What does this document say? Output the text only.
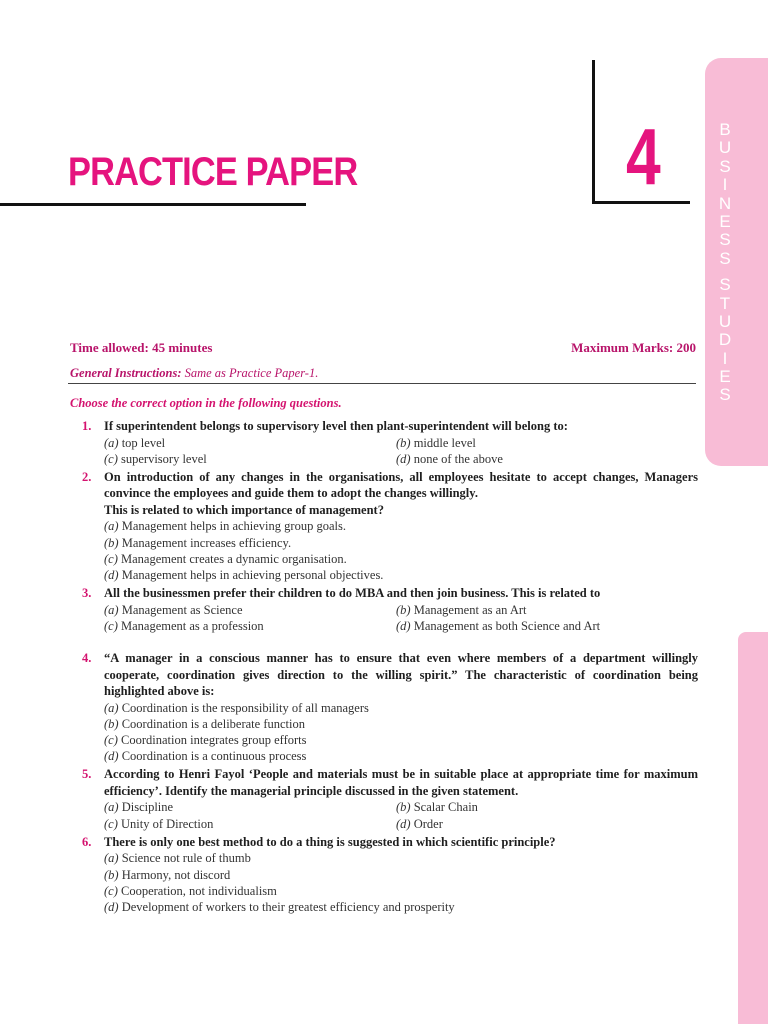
PRACTICE PAPER	4	B
U
S
I
N
E
S
S
S
T
U
D
I
E
S
Time allowed: 45 minutes	Maximum Marks: 200
General Instructions: Same as Practice Paper-1.
Choose the correct option in the following questions.
1. If superintendent belongs to supervisory level then plant-superintendent will belong to:
(a) top level	(b) middle level
(c) supervisory level	(d) none of the above
2. On introduction of any changes in the organisations, all employees hesitate to accept changes, Managers convince the employees and guide them to adopt the changes willingly.
This is related to which importance of management?
(a) Management helps in achieving group goals.
(b) Management increases efficiency.
(c) Management creates a dynamic organisation.
(d) Management helps in achieving personal objectives.
3. All the businessmen prefer their children to do MBA and then join business. This is related to
(a) Management as Science	(b) Management as an Art
(c) Management as a profession	(d) Management as both Science and Art
4. “A manager in a conscious manner has to ensure that even where members of a department willingly cooperate, coordination gives direction to the willing spirit.” The characteristic of coordination being highlighted above is:
(a) Coordination is the responsibility of all managers
(b) Coordination is a deliberate function
(c) Coordination integrates group efforts
(d) Coordination is a continuous process
5. According to Henri Fayol ‘People and materials must be in suitable place at appropriate time for maximum efficiency’. Identify the managerial principle discussed in the given statement.
(a) Discipline	(b) Scalar Chain
(c) Unity of Direction	(d) Order
6. There is only one best method to do a thing is suggested in which scientific principle?
(a) Science not rule of thumb
(b) Harmony, not discord
(c) Cooperation, not individualism
(d) Development of workers to their greatest efficiency and prosperity
